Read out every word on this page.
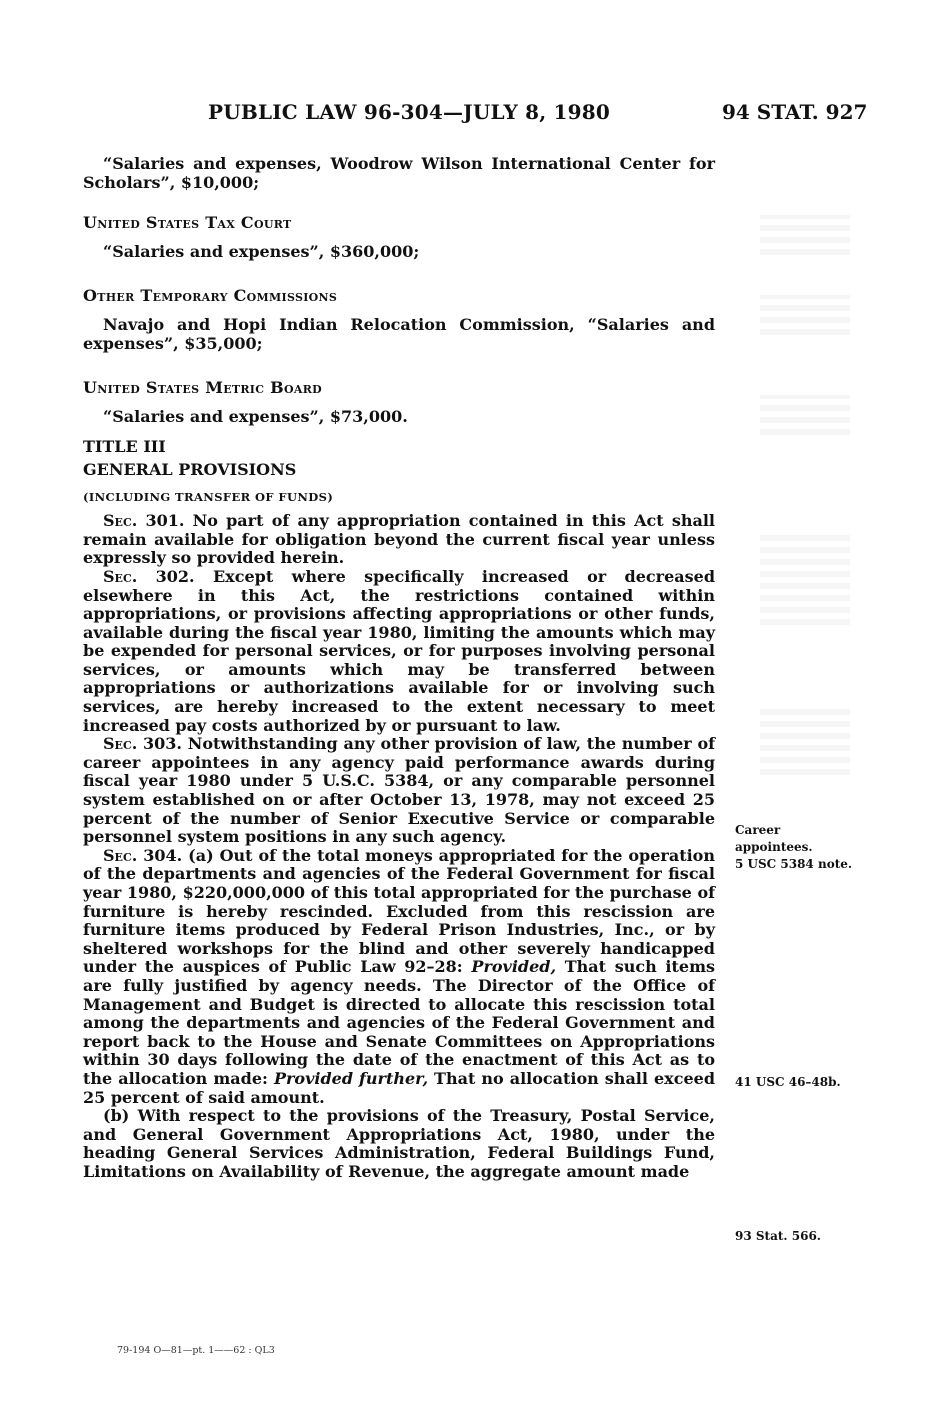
PUBLIC LAW 96-304—JULY 8, 1980	94 STAT. 927

“Salaries and expenses, Woodrow Wilson International Center for Scholars”, $10,000;

United States Tax Court

“Salaries and expenses”, $360,000;

Other Temporary Commissions

Navajo and Hopi Indian Relocation Commission, “Salaries and expenses”, $35,000;

United States Metric Board

“Salaries and expenses”, $73,000.

TITLE III

GENERAL PROVISIONS

(INCLUDING TRANSFER OF FUNDS)

Sec. 301. No part of any appropriation contained in this Act shall remain available for obligation beyond the current fiscal year unless expressly so provided herein.

Sec. 302. Except where specifically increased or decreased elsewhere in this Act, the restrictions contained within appropriations, or provisions affecting appropriations or other funds, available during the fiscal year 1980, limiting the amounts which may be expended for personal services, or for purposes involving personal services, or amounts which may be transferred between appropriations or authorizations available for or involving such services, are hereby increased to the extent necessary to meet increased pay costs authorized by or pursuant to law.

Sec. 303. Notwithstanding any other provision of law, the number of career appointees in any agency paid performance awards during fiscal year 1980 under 5 U.S.C. 5384, or any comparable personnel system established on or after October 13, 1978, may not exceed 25 percent of the number of Senior Executive Service or comparable personnel system positions in any such agency.

Sec. 304. (a) Out of the total moneys appropriated for the operation of the departments and agencies of the Federal Government for fiscal year 1980, $220,000,000 of this total appropriated for the purchase of furniture is hereby rescinded. Excluded from this rescission are furniture items produced by Federal Prison Industries, Inc., or by sheltered workshops for the blind and other severely handicapped under the auspices of Public Law 92–28: Provided, That such items are fully justified by agency needs. The Director of the Office of Management and Budget is directed to allocate this rescission total among the departments and agencies of the Federal Government and report back to the House and Senate Committees on Appropriations within 30 days following the date of the enactment of this Act as to the allocation made: Provided further, That no allocation shall exceed 25 percent of said amount.

(b) With respect to the provisions of the Treasury, Postal Service, and General Government Appropriations Act, 1980, under the heading General Services Administration, Federal Buildings Fund, Limitations on Availability of Revenue, the aggregate amount made

Career
appointees.
5 USC 5384 note.
41 USC 46–48b.
93 Stat. 566.
79-194 O—81—pt. 1——62 : QL3
